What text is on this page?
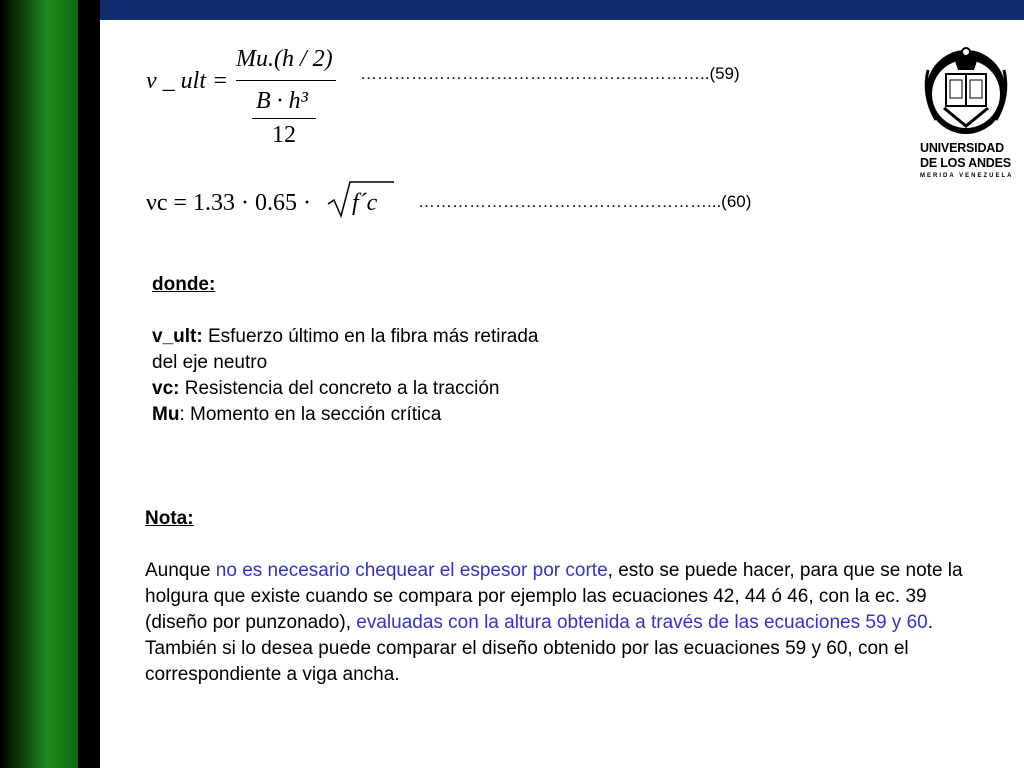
ν _ ult =
Mu.(h / 2)
B · h³
12
……………………………………………………..(59)
νc = 1.33 · 0.65 · f´c ……………………………………………...(60)
donde:
v_ult: Esfuerzo último en la fibra más retirada del eje neutro
vc: Resistencia del concreto a la tracción
Mu: Momento en la sección crítica
Nota:
Aunque no es necesario chequear el espesor por corte, esto se puede hacer, para que se note la holgura que existe cuando se compara por ejemplo las ecuaciones 42, 44 ó 46, con la ec. 39 (diseño por punzonado), evaluadas con la altura obtenida a través de las ecuaciones 59 y 60. También si lo desea puede comparar el diseño obtenido por las ecuaciones 59 y 60, con el correspondiente a viga ancha.
UNIVERSIDAD
DE LOS ANDES
MERIDA VENEZUELA
